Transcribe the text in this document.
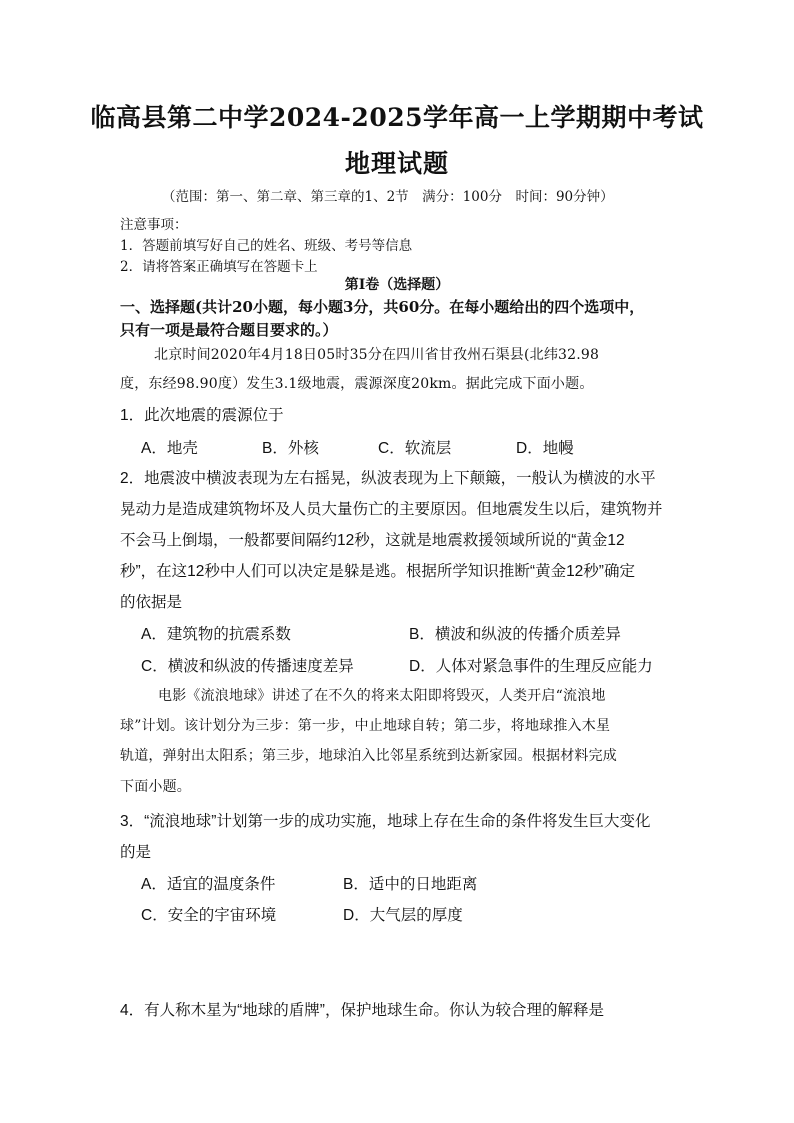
临高县第二中学2024-2025学年高一上学期期中考试
地理试题
（范围：第一、第二章、第三章的1、2节　满分：100分　时间：90分钟）
注意事项：
1．答题前填写好自己的姓名、班级、考号等信息
2．请将答案正确填写在答题卡上
第Ⅰ卷（选择题）
一、选择题(共计20小题，每小题3分，共60分。在每小题给出的四个选项中，
只有一项是最符合题目要求的。）
北京时间2020年4月18日05时35分在四川省甘孜州石渠县(北纬32.98
度，东经98.90度）发生3.1级地震，震源深度20km。据此完成下面小题。
1．此次地震的震源位于
A．地壳	B．外核	C．软流层	D．地幔
2．地震波中横波表现为左右摇晃，纵波表现为上下颠簸，一般认为横波的水平
晃动力是造成建筑物坏及人员大量伤亡的主要原因。但地震发生以后，建筑物并
不会马上倒塌，一般都要间隔约12秒，这就是地震救援领域所说的“黄金12
秒”，在这12秒中人们可以决定是躲是逃。根据所学知识推断“黄金12秒”确定
的依据是
A．建筑物的抗震系数	B．横波和纵波的传播介质差异
C．横波和纵波的传播速度差异	D．人体对紧急事件的生理反应能力
电影《流浪地球》讲述了在不久的将来太阳即将毁灭，人类开启“流浪地
球”计划。该计划分为三步：第一步，中止地球自转；第二步，将地球推入木星
轨道，弹射出太阳系；第三步，地球泊入比邻星系统到达新家园。根据材料完成
下面小题。
3．“流浪地球”计划第一步的成功实施，地球上存在生命的条件将发生巨大变化
的是
A．适宜的温度条件	B．适中的日地距离
C．安全的宇宙环境	D．大气层的厚度
4．有人称木星为“地球的盾牌”，保护地球生命。你认为较合理的解释是
